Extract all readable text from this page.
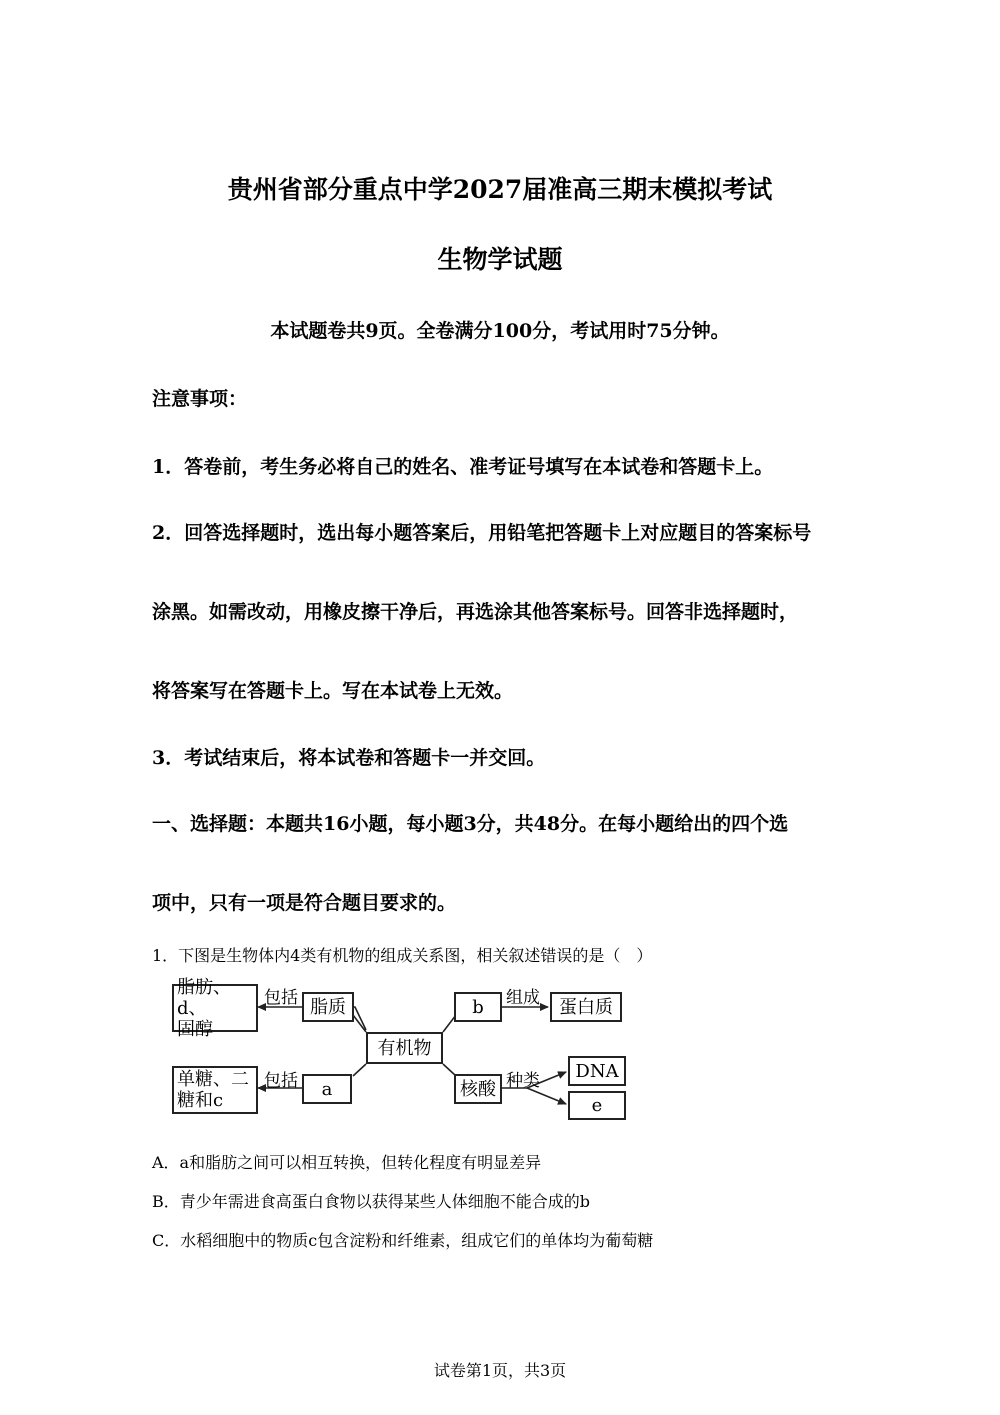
贵州省部分重点中学2027届准高三期末模拟考试
生物学试题
本试题卷共9页。全卷满分100分，考试用时75分钟。
注意事项：
1．答卷前，考生务必将自己的姓名、准考证号填写在本试卷和答题卡上。
2．回答选择题时，选出每小题答案后，用铅笔把答题卡上对应题目的答案标号
涂黑。如需改动，用橡皮擦干净后，再选涂其他答案标号。回答非选择题时，
将答案写在答题卡上。写在本试卷上无效。
3．考试结束后，将本试卷和答题卡一并交回。
一、选择题：本题共16小题，每小题3分，共48分。在每小题给出的四个选
项中，只有一项是符合题目要求的。
1．下图是生物体内4类有机物的组成关系图，相关叙述错误的是（　）
脂肪、d、
固醇
包括 脂质
有机物
b	组成	蛋白质
单糖、二
糖和c
包括	a	核酸 种类	DNA
e
A．a和脂肪之间可以相互转换，但转化程度有明显差异
B．青少年需进食高蛋白食物以获得某些人体细胞不能合成的b
C．水稻细胞中的物质c包含淀粉和纤维素，组成它们的单体均为葡萄糖
试卷第1页，共3页
